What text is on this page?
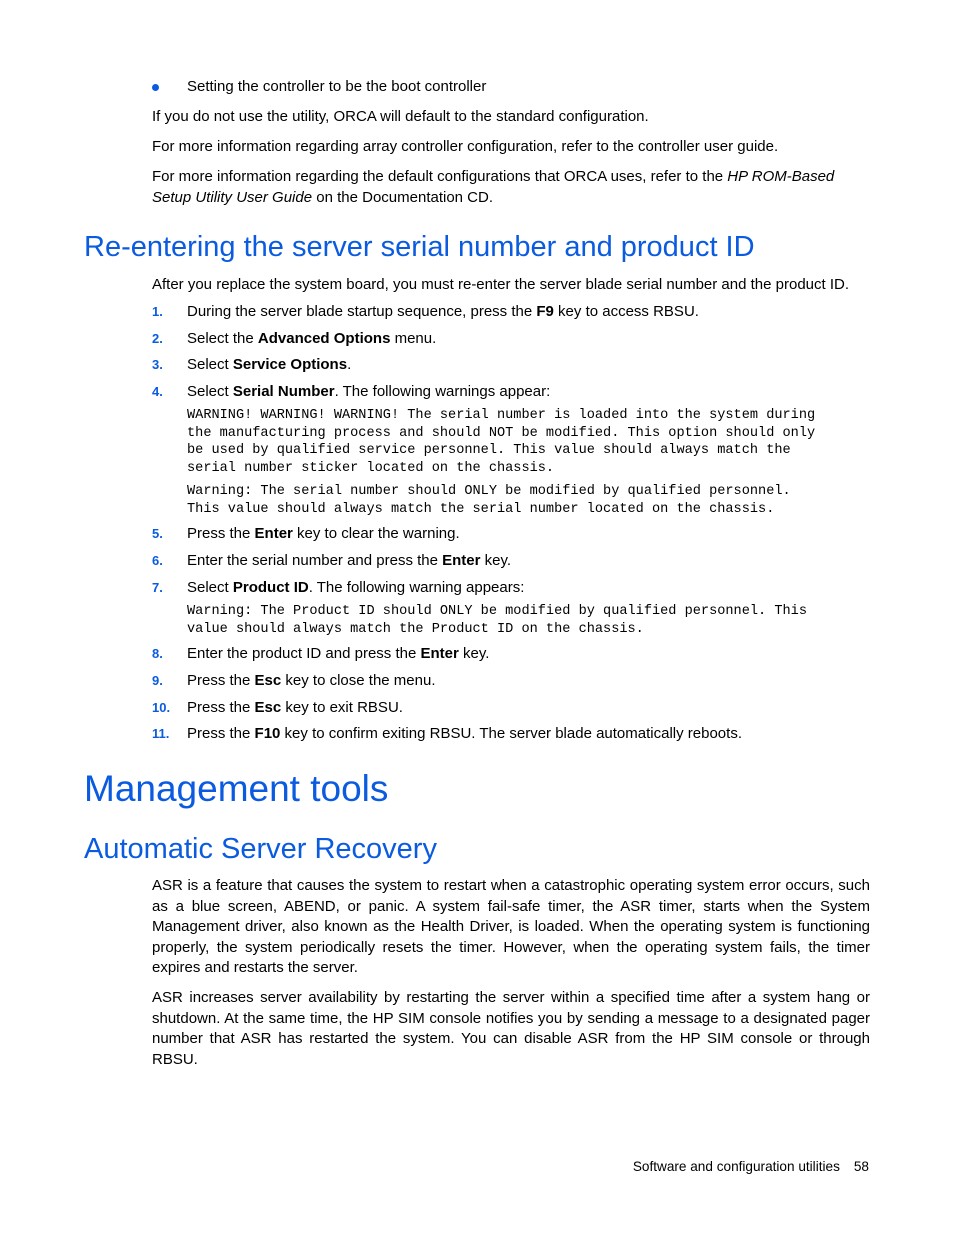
Setting the controller to be the boot controller

If you do not use the utility, ORCA will default to the standard configuration.

For more information regarding array controller configuration, refer to the controller user guide.

For more information regarding the default configurations that ORCA uses, refer to the HP ROM-Based Setup Utility User Guide on the Documentation CD.

Re-entering the server serial number and product ID

After you replace the system board, you must re-enter the server blade serial number and the product ID.

1. During the server blade startup sequence, press the F9 key to access RBSU.
2. Select the Advanced Options menu.
3. Select Service Options.
4. Select Serial Number. The following warnings appear:
WARNING! WARNING! WARNING! The serial number is loaded into the system during
the manufacturing process and should NOT be modified. This option should only
be used by qualified service personnel. This value should always match the
serial number sticker located on the chassis.
Warning: The serial number should ONLY be modified by qualified personnel.
This value should always match the serial number located on the chassis.
5. Press the Enter key to clear the warning.
6. Enter the serial number and press the Enter key.
7. Select Product ID. The following warning appears:
Warning: The Product ID should ONLY be modified by qualified personnel. This
value should always match the Product ID on the chassis.
8. Enter the product ID and press the Enter key.
9. Press the Esc key to close the menu.
10. Press the Esc key to exit RBSU.
11. Press the F10 key to confirm exiting RBSU. The server blade automatically reboots.
Management tools
Automatic Server Recovery

ASR is a feature that causes the system to restart when a catastrophic operating system error occurs, such as a blue screen, ABEND, or panic. A system fail-safe timer, the ASR timer, starts when the System Management driver, also known as the Health Driver, is loaded. When the operating system is functioning properly, the system periodically resets the timer. However, when the operating system fails, the timer expires and restarts the server.

ASR increases server availability by restarting the server within a specified time after a system hang or shutdown. At the same time, the HP SIM console notifies you by sending a message to a designated pager number that ASR has restarted the system. You can disable ASR from the HP SIM console or through RBSU.

Software and configuration utilities 58
